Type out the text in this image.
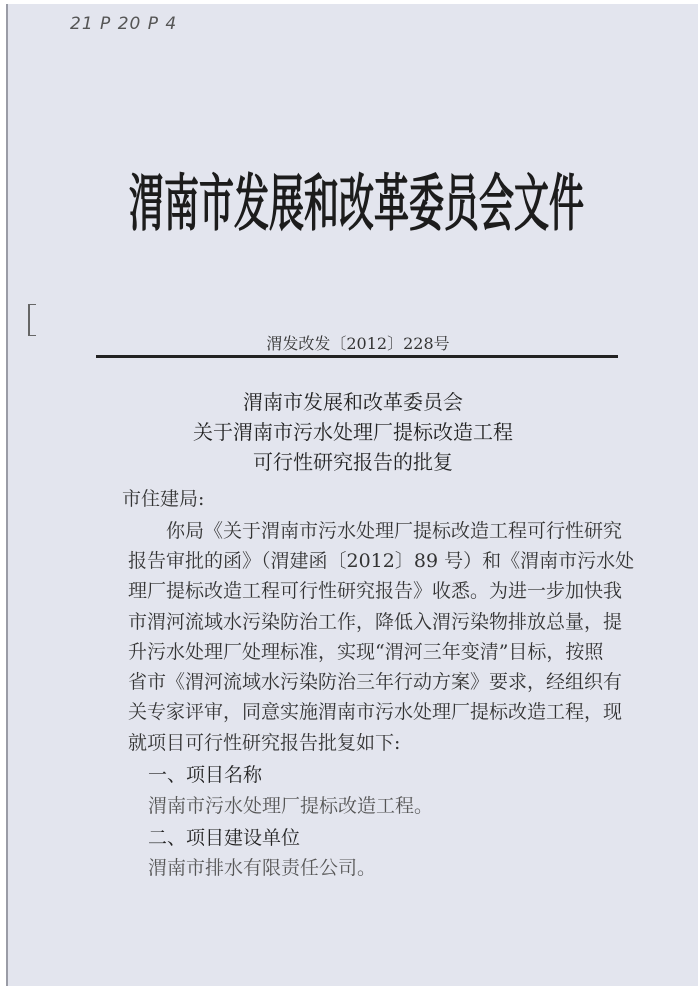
21 P 20 P 4
渭南市发展和改革委员会文件
渭发改发〔2012〕228号
渭南市发展和改革委员会
关于渭南市污水处理厂提标改造工程
可行性研究报告的批复
市住建局:
你局《关于渭南市污水处理厂提标改造工程可行性研究
报告审批的函》（渭建函〔2012〕89 号）和《渭南市污水处
理厂提标改造工程可行性研究报告》收悉。为进一步加快我
市渭河流域水污染防治工作，降低入渭污染物排放总量，提
升污水处理厂处理标准，实现“渭河三年变清”目标，按照
省市《渭河流域水污染防治三年行动方案》要求，经组织有
关专家评审，同意实施渭南市污水处理厂提标改造工程，现
就项目可行性研究报告批复如下:
一、项目名称
渭南市污水处理厂提标改造工程。
二、项目建设单位
渭南市排水有限责任公司。
